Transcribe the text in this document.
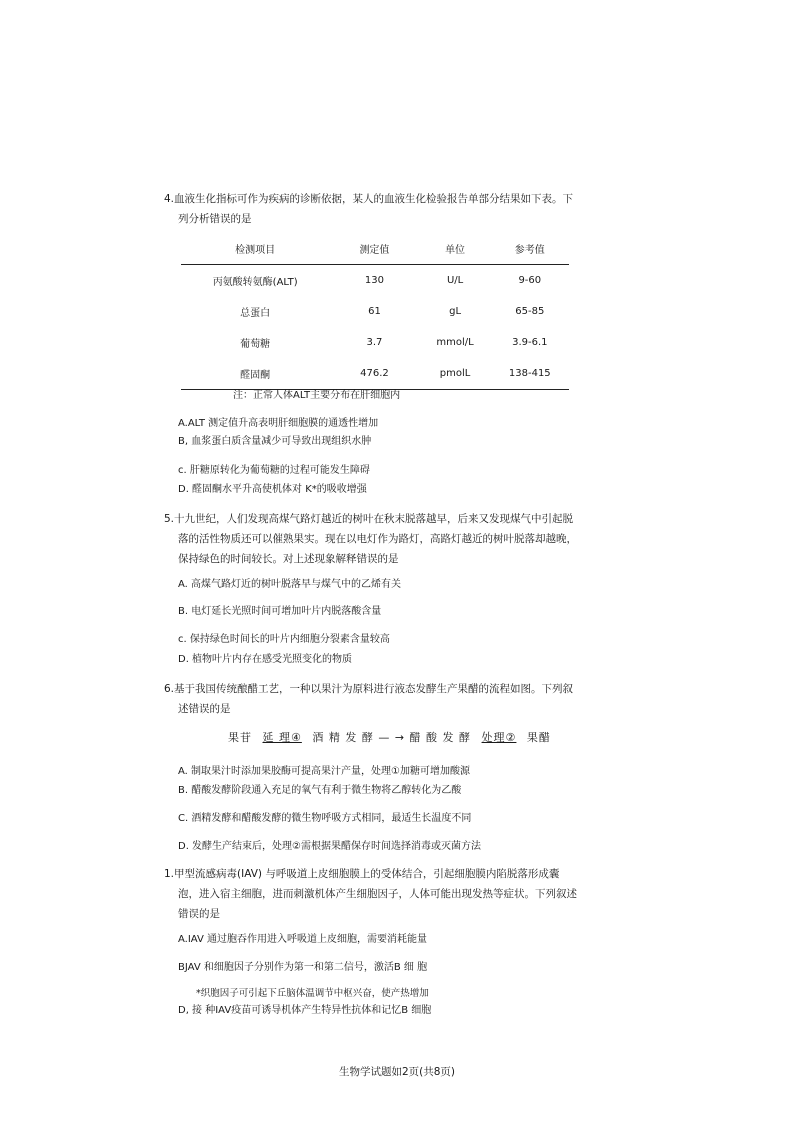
4.血液生化指标可作为疾病的诊断依据，某人的血液生化检验报告单部分结果如下表。下
列分析错误的是

检测项目	测定值	单位	参考值
丙氨酸转氨酶(ALT)	130	U/L	9-60
总蛋白	61	gL	65-85
葡萄糖	3.7	mmol/L	3.9-6.1
醛固酮	476.2	pmolL	138-415
注：正常人体ALT主要分布在肝细胞内
A.ALT 测定值升高表明肝细胞膜的通透性增加
B, 血浆蛋白质含量减少可导致出现组织水肿
c. 肝糖原转化为葡萄糖的过程可能发生障碍
D. 醛固酮水平升高使机体对 K*的吸收增强

5.十九世纪，人们发现高煤气路灯越近的树叶在秋末脱落越早，后来又发现煤气中引起脱
落的活性物质还可以催熟果实。现在以电灯作为路灯，高路灯越近的树叶脱落却越晚，
保持绿色的时间较长。对上述现象解释错误的是

A. 高煤气路灯近的树叶脱落早与煤气中的乙烯有关
B. 电灯延长光照时间可增加叶片内脱落酸含量
c. 保持绿色时间长的叶片内细胞分裂素含量较高
D. 植物叶片内存在感受光照变化的物质

6.基于我国传统酿醋工艺，一种以果汁为原料进行液态发酵生产果醋的流程如图。下列叙
述错误的是

果苷 延 理④ 酒 精 发 酵 — → 醋 酸 发 酵 处理② 果醋
A. 制取果汁时添加果胶酶可提高果汁产量，处理①加糖可增加酸源
B. 醋酸发酵阶段通入充足的氧气有利于微生物将乙醇转化为乙酸
C. 酒精发酵和醋酸发酵的微生物呼吸方式相同，最适生长温度不同
D. 发酵生产结束后，处理②需根据果醋保存时间选择消毒或灭菌方法

1.甲型流感病毒(IAV) 与呼吸道上皮细胞膜上的受体结合，引起细胞膜内陷脱落形成囊
泡，进入宿主细胞，进而刺激机体产生细胞因子，人体可能出现发热等症状。下列叙述
错误的是

A.IAV 通过胞吞作用进入呼吸道上皮细胞，需要消耗能量
BJAV 和细胞因子分别作为第一和第二信号，激活B 细 胞
*织胞因子可引起下丘脑体温调节中枢兴奋，使产热增加
D, 接 种IAV疫苗可诱导机体产生特异性抗体和记忆B 细胞
生物学试题如2页(共8页)
